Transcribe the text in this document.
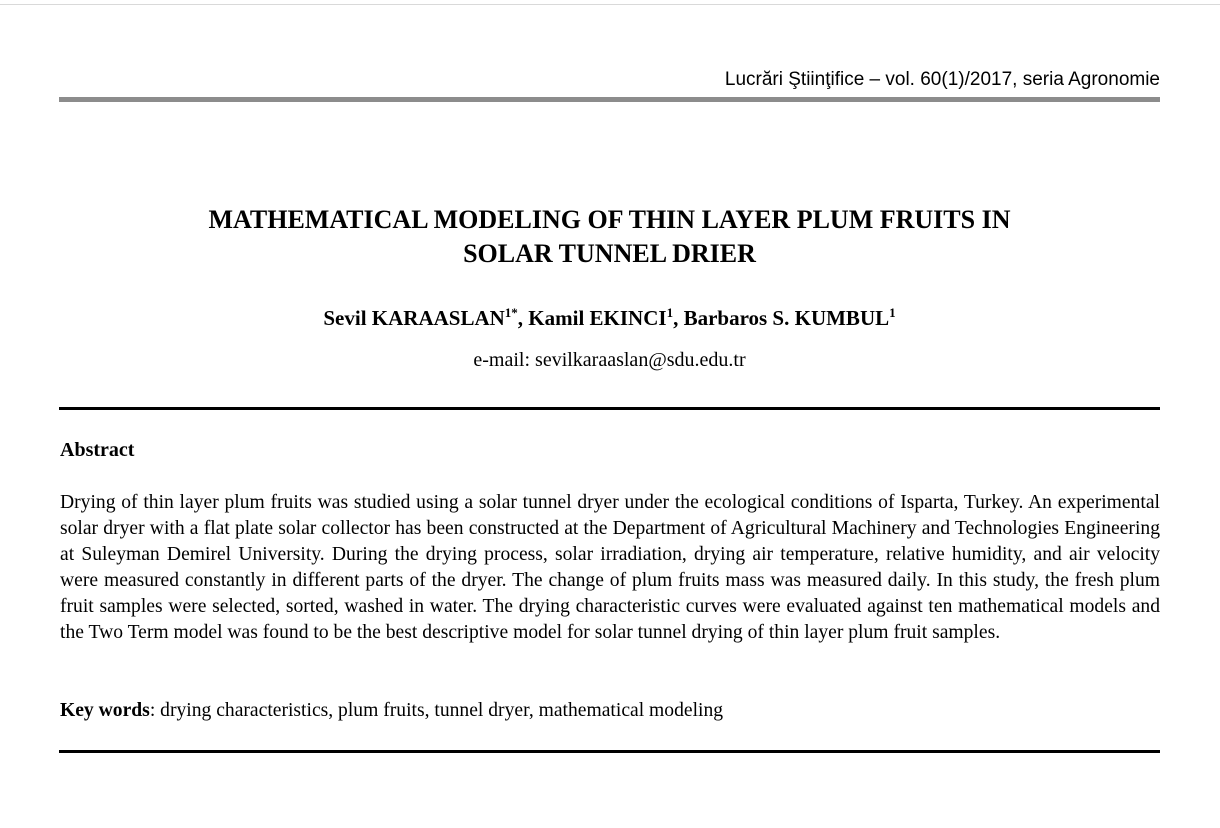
Lucrări Ştiinţifice – vol. 60(1)/2017, seria Agronomie
MATHEMATICAL MODELING OF THIN LAYER PLUM FRUITS IN
SOLAR TUNNEL DRIER
Sevil $KARAASLAN^{1*}$, Kamil EKINCI$^1$, Barbaros S. KUMBUL$^1$
e-mail: sevilkaraaslan@sdu.edu.tr
Abstract
Drying of thin layer plum fruits was studied using a solar tunnel dryer under the ecological conditions of Isparta, Turkey. An experimental solar dryer with a flat plate solar collector has been constructed at the Department of Agricultural Machinery and Technologies Engineering at Suleyman Demirel University. During the drying process, solar irradiation, drying air temperature, relative humidity, and air velocity were measured constantly in different parts of the dryer. The change of plum fruits mass was measured daily. In this study, the fresh plum fruit samples were selected, sorted, washed in water. The drying characteristic curves were evaluated against ten mathematical models and the Two Term model was found to be the best descriptive model for solar tunnel drying of thin layer plum fruit samples.
Key words: drying characteristics, plum fruits, tunnel dryer, mathematical modeling
